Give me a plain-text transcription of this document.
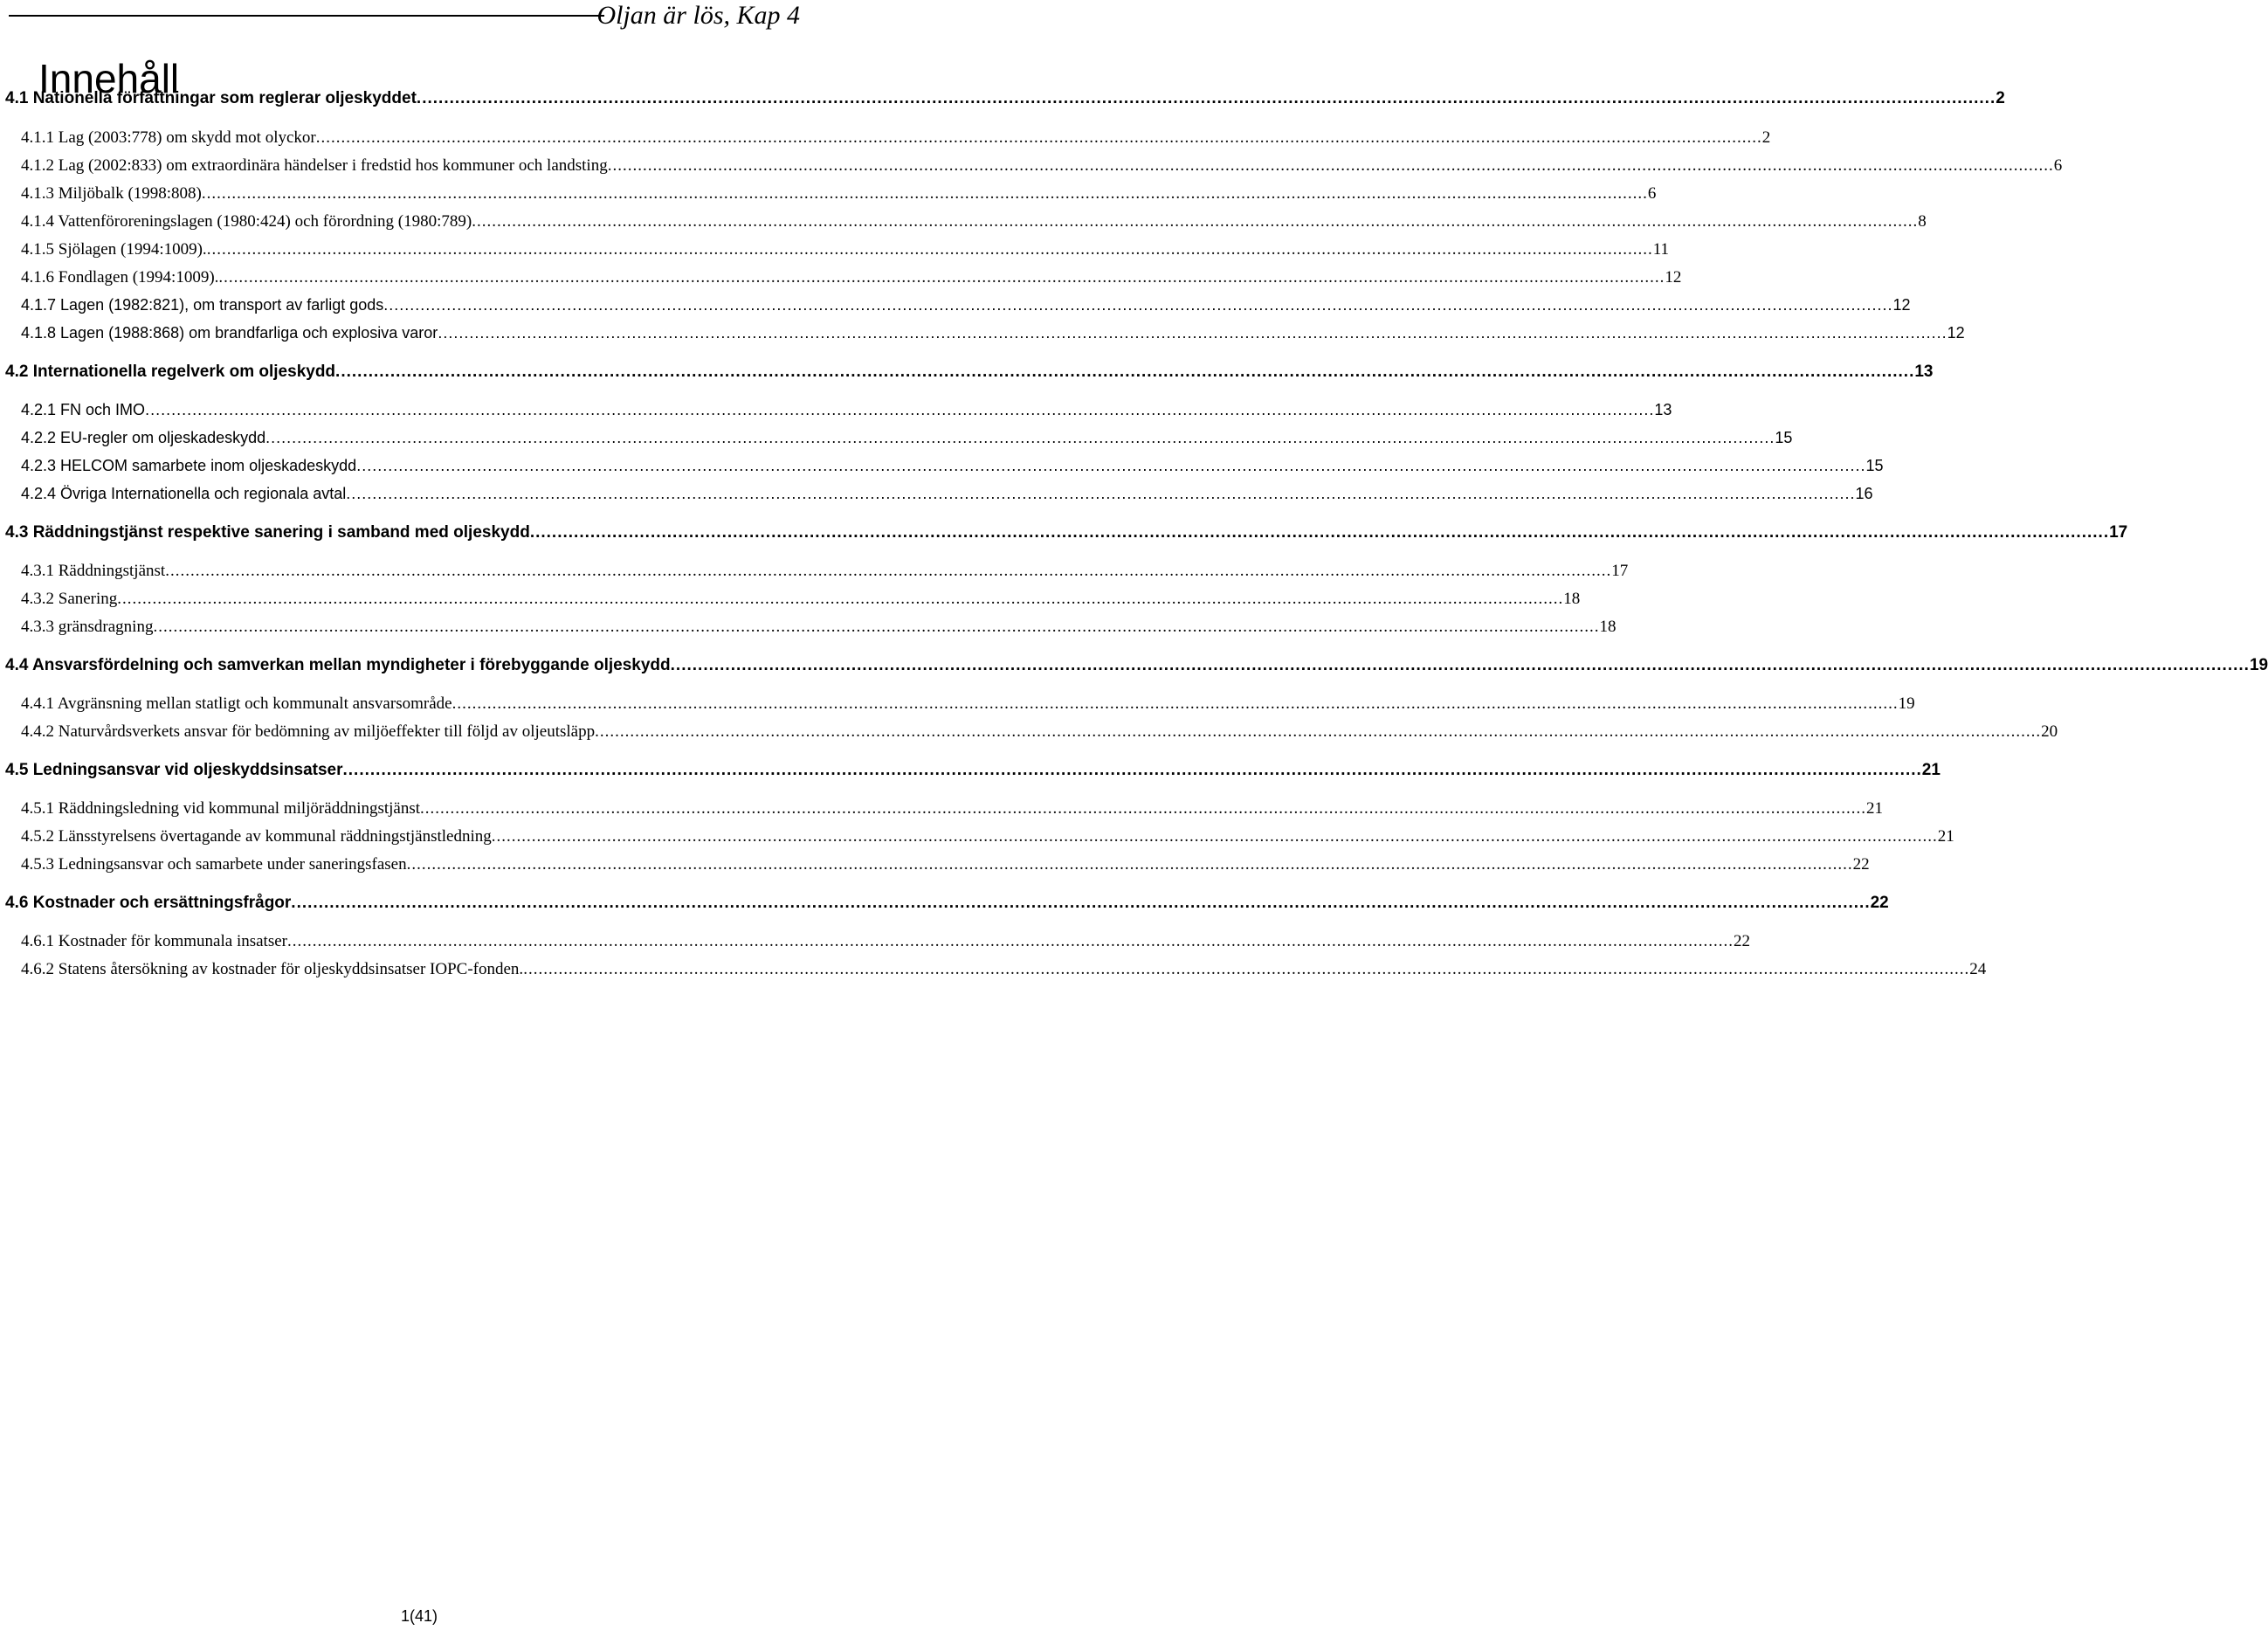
Oljan är lös, Kap 4
Innehåll
4.1 Nationella författningar som reglerar oljeskyddet .....	2
4.1.1 Lag (2003:778) om skydd mot olyckor .....	2
4.1.2 Lag (2002:833) om extraordinära händelser i fredstid hos kommuner och landsting .....	6
4.1.3 Miljöbalk (1998:808) .....	6
4.1.4 Vattenföroreningslagen (1980:424) och förordning (1980:789) .....	8
4.1.5 Sjölagen (1994:1009). .....	11
4.1.6 Fondlagen (1994:1009). .....	12
4.1.7 Lagen (1982:821), om transport av farligt gods .....	12
4.1.8 Lagen (1988:868) om brandfarliga och explosiva varor .....	12
4.2 Internationella regelverk om oljeskydd .....	13
4.2.1 FN och IMO .....	13
4.2.2 EU-regler om oljeskadeskydd .....	15
4.2.3 HELCOM samarbete inom oljeskadeskydd .....	15
4.2.4 Övriga Internationella och regionala avtal .....	16
4.3 Räddningstjänst respektive sanering i samband med oljeskydd .....	17
4.3.1 Räddningstjänst .....	17
4.3.2 Sanering .....	18
4.3.3 gränsdragning .....	18
4.4 Ansvarsfördelning och samverkan mellan myndigheter i förebyggande oljeskydd .....	19
4.4.1 Avgränsning mellan statligt och kommunalt ansvarsområde .....	19
4.4.2 Naturvårdsverkets ansvar för bedömning av miljöeffekter till följd av oljeutsläpp .....	20
4.5 Ledningsansvar vid oljeskyddsinsatser .....	21
4.5.1 Räddningsledning vid kommunal miljöräddningstjänst .....	21
4.5.2 Länsstyrelsens övertagande av kommunal räddningstjänstledning .....	21
4.5.3 Ledningsansvar och samarbete under saneringsfasen .....	22
4.6 Kostnader och ersättningsfrågor .....	22
4.6.1 Kostnader för kommunala insatser .....	22
4.6.2 Statens återsökning av kostnader för oljeskyddsinsatser IOPC-fonden. .....	24
1(41)
